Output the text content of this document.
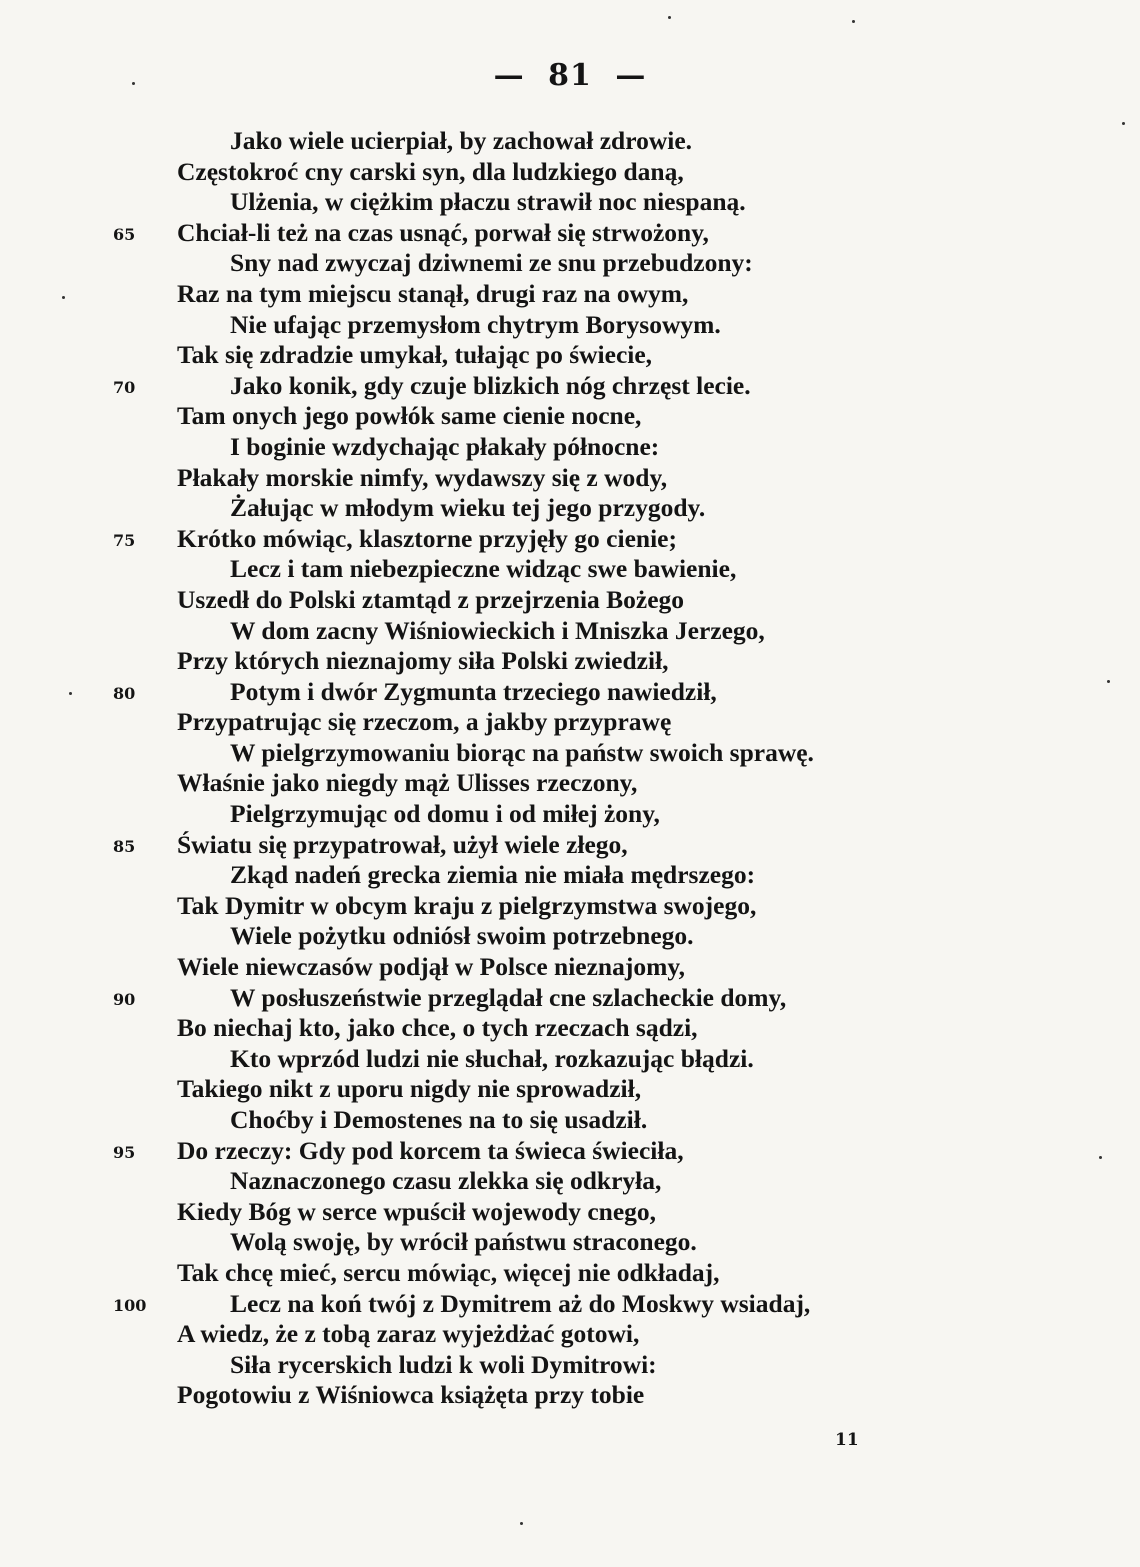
— 81 —
Jako wiele ucierpiał, by zachował zdrowie.
Częstokroć cny carski syn, dla ludzkiego daną,
Ulżenia, w ciężkim płaczu strawił noc niespaną.
65 Chciał-li też na czas usnąć, porwał się strwożony,
Sny nad zwyczaj dziwnemi ze snu przebudzony:
Raz na tym miejscu stanął, drugi raz na owym,
Nie ufając przemysłom chytrym Borysowym.
Tak się zdradzie umykał, tułając po świecie,
70	Jako konik, gdy czuje blizkich nóg chrzęst lecie.
Tam onych jego powłók same cienie nocne,
I boginie wzdychając płakały północne:
Płakały morskie nimfy, wydawszy się z wody,
Żałując w młodym wieku tej jego przygody.
75 Krótko mówiąc, klasztorne przyjęły go cienie;
Lecz i tam niebezpieczne widząc swe bawienie,
Uszedł do Polski ztamtąd z przejrzenia Bożego
W dom zacny Wiśniowieckich i Mniszka Jerzego,
Przy których nieznajomy siła Polski zwiedził,
80	Potym i dwór Zygmunta trzeciego nawiedził,
Przypatrując się rzeczom, a jakby przyprawę
W pielgrzymowaniu biorąc na państw swoich sprawę.
Właśnie jako niegdy mąż Ulisses rzeczony,
Pielgrzymując od domu i od miłej żony,
85 Światu się przypatrował, użył wiele złego,
Zkąd nadeń grecka ziemia nie miała mędrszego:
Tak Dymitr w obcym kraju z pielgrzymstwa swojego,
Wiele pożytku odniósł swoim potrzebnego.
Wiele niewczasów podjął w Polsce nieznajomy,
90	W posłuszeństwie przeglądał cne szlacheckie domy,
Bo niechaj kto, jako chce, o tych rzeczach sądzi,
Kto wprzód ludzi nie słuchał, rozkazując błądzi.
Takiego nikt z uporu nigdy nie sprowadził,
Choćby i Demostenes na to się usadził.
95 Do rzeczy: Gdy pod korcem ta świeca świeciła,
Naznaczonego czasu zlekka się odkryła,
Kiedy Bóg w serce wpuścił wojewody cnego,
Wolą swoję, by wrócił państwu straconego.
Tak chcę mieć, sercu mówiąc, więcej nie odkładaj,
100	Lecz na koń twój z Dymitrem aż do Moskwy wsiadaj,
A wiedz, że z tobą zaraz wyjeżdżać gotowi,
Siła rycerskich ludzi k woli Dymitrowi:
Pogotowiu z Wiśniowca książęta przy tobie
11
